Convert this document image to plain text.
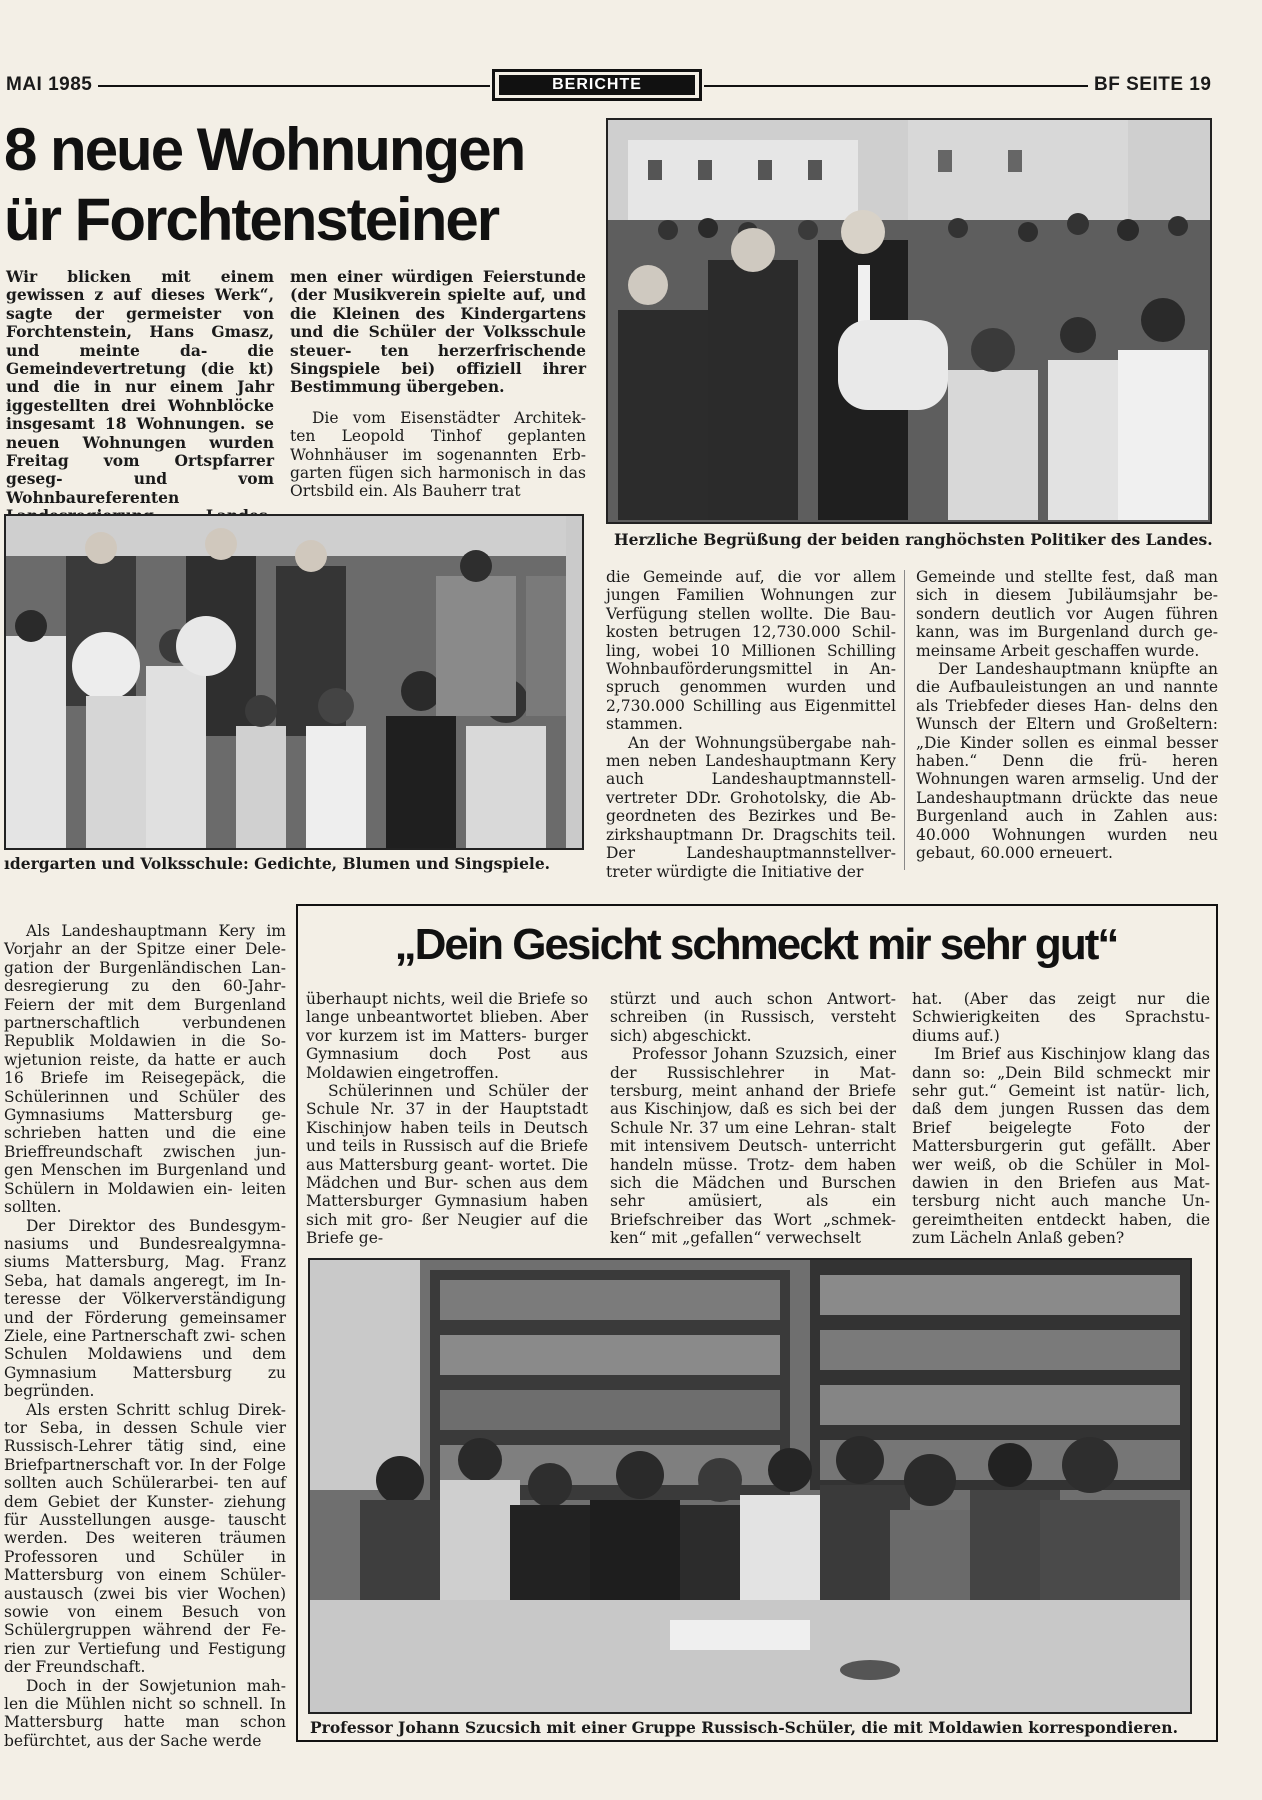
MAI 1985	BERICHTE	BF SEITE 19
8 neue Wohnungen
ür Forchtensteiner

Wir blicken mit einem gewissen z auf dieses Werk“, sagte der germeister von Forchtenstein, Hans Gmasz, und meinte da- die Gemeindevertretung (die kt) und die in nur einem Jahr iggestellten drei Wohnblöcke insgesamt 18 Wohnungen. se neuen Wohnungen wurden Freitag vom Ortspfarrer geseg- und vom Wohnbaureferenten

men einer würdigen Feierstunde (der Musikverein spielte auf, und die Kleinen des Kindergartens und die Schüler der Volksschule steuer- ten herzerfrischende Singspiele bei) offiziell ihrer Bestimmung übergeben.

Die vom Eisenstädter Architek- ten Leopold Tinhof geplanten Wohnhäuser im sogenannten Erb- garten fügen sich harmonisch in das Ortsbild ein. Als Bauherr trat

Herzliche Begrüßung der beiden ranghöchsten Politiker des Landes.
ıdergarten und Volksschule: Gedichte, Blumen und Singspiele.

die Gemeinde auf, die vor allem jungen Familien Wohnungen zur Verfügung stellen wollte. Die Bau- kosten betrugen 12,730.000 Schil- ling, wobei 10 Millionen Schilling Wohnbauförderungsmittel in An- spruch genommen wurden und 2,730.000 Schilling aus Eigenmittel stammen.

An der Wohnungsübergabe nah- men neben Landeshauptmann Kery auch Landeshauptmannstell- vertreter DDr. Grohotolsky, die Ab- geordneten des Bezirkes und Be- zirkshauptmann Dr. Dragschits teil. Der Landeshauptmannstellver- treter würdigte die Initiative der

Gemeinde und stellte fest, daß man sich in diesem Jubiläumsjahr be- sondern deutlich vor Augen führen kann, was im Burgenland durch ge- meinsame Arbeit geschaffen wurde.

Der Landeshauptmann knüpfte an die Aufbauleistungen an und nannte als Triebfeder dieses Han- delns den Wunsch der Eltern und Großeltern: „Die Kinder sollen es einmal besser haben.“ Denn die frü- heren Wohnungen waren armselig. Und der Landeshauptmann drückte das neue Burgenland auch in Zahlen aus: 40.000 Wohnungen wurden neu gebaut, 60.000 erneuert.

„Dein Gesicht schmeckt mir sehr gut“

Als Landeshauptmann Kery im Vorjahr an der Spitze einer Dele- gation der Burgenländischen Lan- desregierung zu den 60-Jahr- Feiern der mit dem Burgenland partnerschaftlich verbundenen Republik Moldawien in die So- wjetunion reiste, da hatte er auch 16 Briefe im Reisegepäck, die Schülerinnen und Schüler des Gymnasiums Mattersburg ge- schrieben hatten und die eine Brieffreundschaft zwischen jun- gen Menschen im Burgenland und Schülern in Moldawien ein- leiten sollten.

Der Direktor des Bundesgym- nasiums und Bundesrealgymna- siums Mattersburg, Mag. Franz Seba, hat damals angeregt, im In- teresse der Völkerverständigung und der Förderung gemeinsamer Ziele, eine Partnerschaft zwi- schen Schulen Moldawiens und dem Gymnasium Mattersburg zu begründen.

Als ersten Schritt schlug Direk- tor Seba, in dessen Schule vier Russisch-Lehrer tätig sind, eine Briefpartnerschaft vor. In der Folge sollten auch Schülerarbei- ten auf dem Gebiet der Kunster- ziehung für Ausstellungen ausge- tauscht werden. Des weiteren träumen Professoren und Schüler in Mattersburg von einem Schüler- austausch (zwei bis vier Wochen) sowie von einem Besuch von Schülergruppen während der Fe- rien zur Vertiefung und Festigung der Freundschaft.

Doch in der Sowjetunion mah- len die Mühlen nicht so schnell. In Mattersburg hatte man schon befürchtet, aus der Sache werde

überhaupt nichts, weil die Briefe so lange unbeantwortet blieben. Aber vor kurzem ist im Matters- burger Gymnasium doch Post aus Moldawien eingetroffen.

Schülerinnen und Schüler der Schule Nr. 37 in der Hauptstadt Kischinjow haben teils in Deutsch und teils in Russisch auf die Briefe aus Mattersburg geant- wortet. Die Mädchen und Bur- schen aus dem Mattersburger Gymnasium haben sich mit gro- ßer Neugier auf die Briefe ge-

stürzt und auch schon Antwort- schreiben (in Russisch, versteht sich) abgeschickt.

Professor Johann Szuzsich, einer der Russischlehrer in Mat- tersburg, meint anhand der Briefe aus Kischinjow, daß es sich bei der Schule Nr. 37 um eine Lehran- stalt mit intensivem Deutsch- unterricht handeln müsse. Trotz- dem haben sich die Mädchen und Burschen sehr amüsiert, als ein Briefschreiber das Wort „schmek- ken“ mit „gefallen“ verwechselt

hat. (Aber das zeigt nur die Schwierigkeiten des Sprachstu- diums auf.)

Im Brief aus Kischinjow klang das dann so: „Dein Bild schmeckt mir sehr gut.“ Gemeint ist natür- lich, daß dem jungen Russen das dem Brief beigelegte Foto der Mattersburgerin gut gefällt. Aber wer weiß, ob die Schüler in Mol- dawien in den Briefen aus Mat- tersburg nicht auch manche Un- gereimtheiten entdeckt haben, die zum Lächeln Anlaß geben?

Professor Johann Szucsich mit einer Gruppe Russisch-Schüler, die mit Moldawien korrespondieren.
